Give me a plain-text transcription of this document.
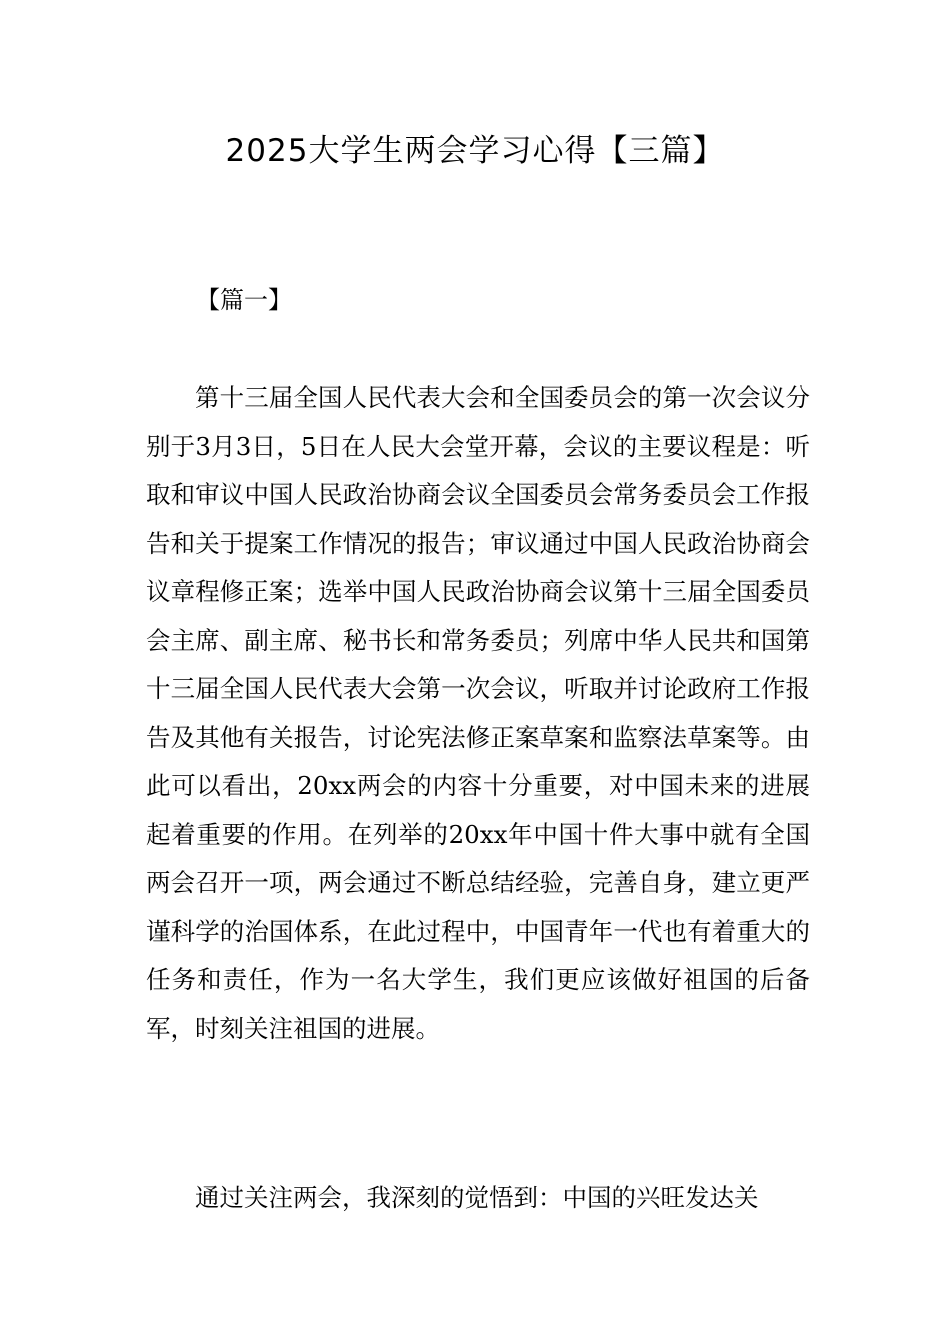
2025大学生两会学习心得【三篇】
【篇一】

第十三届全国人民代表大会和全国委员会的第一次会议分别于3月3日，5日在人民大会堂开幕，会议的主要议程是：听取和审议中国人民政治协商会议全国委员会常务委员会工作报告和关于提案工作情况的报告；审议通过中国人民政治协商会议章程修正案；选举中国人民政治协商会议第十三届全国委员会主席、副主席、秘书长和常务委员；列席中华人民共和国第十三届全国人民代表大会第一次会议，听取并讨论政府工作报告及其他有关报告，讨论宪法修正案草案和监察法草案等。由此可以看出，20xx两会的内容十分重要，对中国未来的进展起着重要的作用。在列举的20xx年中国十件大事中就有全国两会召开一项，两会通过不断总结经验，完善自身，建立更严谨科学的治国体系，在此过程中，中国青年一代也有着重大的任务和责任，作为一名大学生，我们更应该做好祖国的后备军，时刻关注祖国的进展。

通过关注两会，我深刻的觉悟到：中国的兴旺发达关
